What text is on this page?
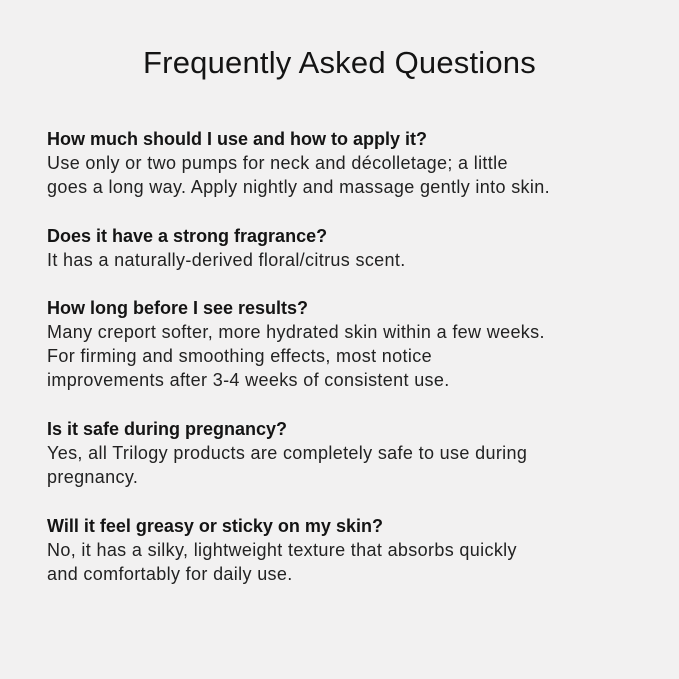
Frequently Asked Questions

How much should I use and how to apply it?

Use only or two pumps for neck and décolletage; a little
goes a long way. Apply nightly and massage gently into skin.

Does it have a strong fragrance?

It has a naturally-derived floral/citrus scent.

How long before I see results?

Many creport softer, more hydrated skin within a few weeks.
For firming and smoothing effects, most notice
improvements after 3-4 weeks of consistent use.

Is it safe during pregnancy?

Yes, all Trilogy products are completely safe to use during
pregnancy.

Will it feel greasy or sticky on my skin?

No, it has a silky, lightweight texture that absorbs quickly
and comfortably for daily use.
